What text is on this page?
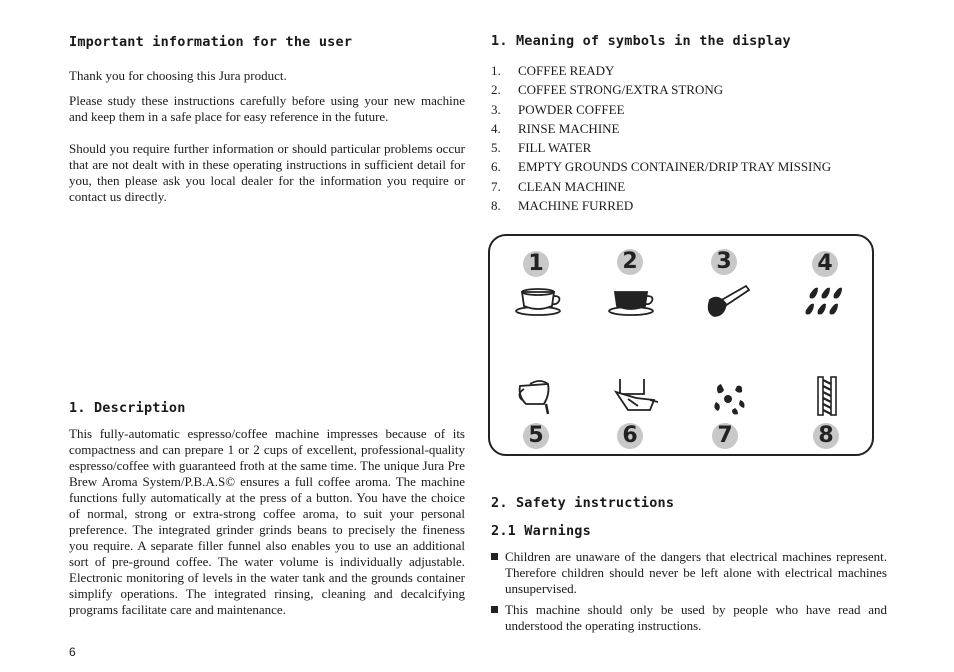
Important information for the user

Thank you for choosing this Jura product.

Please study these instructions carefully before using your new machine and keep them in a safe place for easy reference in the future.

Should you require further information or should particular problems occur that are not dealt with in these operating instructions in sufficient detail for you, then please ask you local dealer for the information you require or contact us directly.

1. Description

This fully-automatic espresso/coffee machine impresses because of its compactness and can prepare 1 or 2 cups of excellent, professional-quality espresso/coffee with guaranteed froth at the same time. The unique Jura Pre Brew Aroma System/P.B.A.S© ensures a full coffee aroma. The machine functions fully automatically at the press of a button. You have the choice of normal, strong or extra-strong coffee aroma, to suit your personal preference. The integrated grinder grinds beans to precisely the fineness you require. A separate filler funnel also enables you to use an additional sort of pre-ground coffee. The water volume is individually adjustable. Electronic monitoring of levels in the water tank and the grounds container simplify operations. The integrated rinsing, cleaning and decalcifying programs facilitate care and maintenance.

6
1. Meaning of symbols in the display
1. COFFEE READY
2. COFFEE STRONG/EXTRA STRONG
3. POWDER COFFEE
4. RINSE MACHINE
5. FILL WATER
6. EMPTY GROUNDS CONTAINER/DRIP TRAY MISSING
7. CLEAN MACHINE
8. MACHINE FURRED
1	2	3	4
5	6	7	8
2. Safety instructions
2.1 Warnings
Children are unaware of the dangers that electrical machines represent. Therefore children should never be left alone with electrical machines unsupervised.
This machine should only be used by people who have read and understood the operating instructions.
